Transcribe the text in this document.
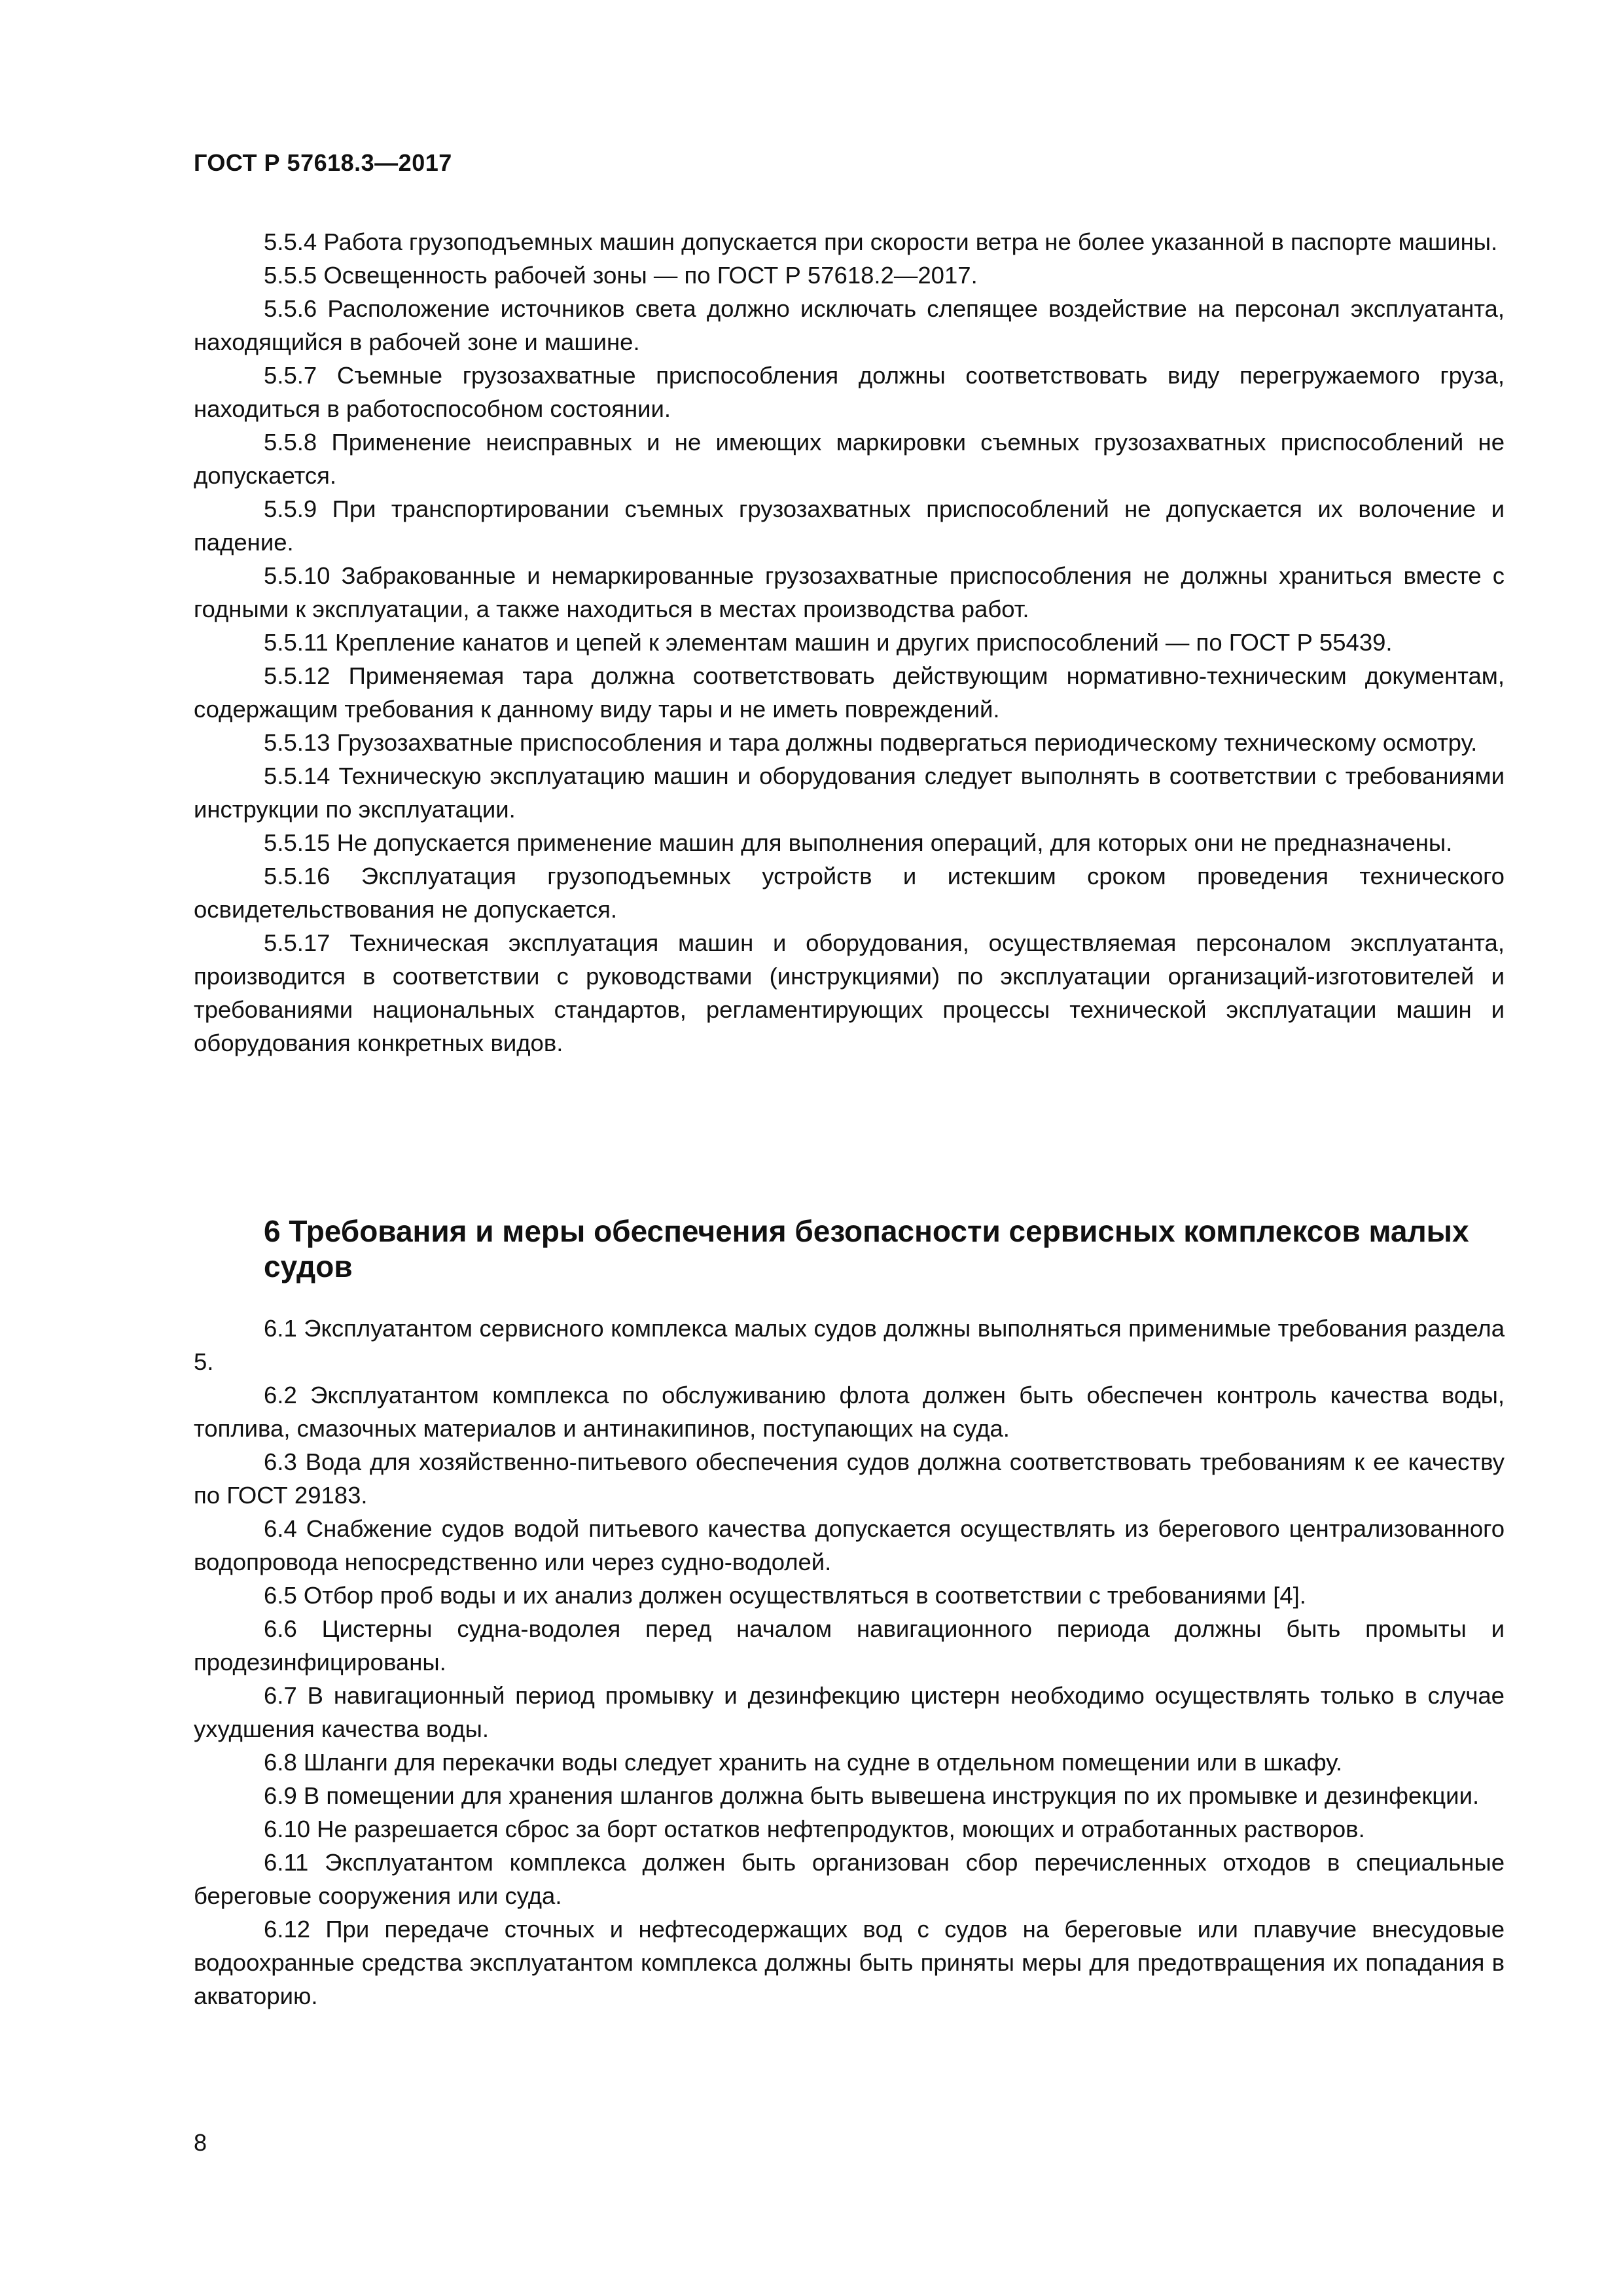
ГОСТ Р 57618.3—2017

5.5.4 Работа грузоподъемных машин допускается при скорости ветра не более указанной в паспорте машины.

5.5.5 Освещенность рабочей зоны — по ГОСТ Р 57618.2—2017.

5.5.6 Расположение источников света должно исключать слепящее воздействие на персонал эксплуатанта, находящийся в рабочей зоне и машине.

5.5.7 Съемные грузозахватные приспособления должны соответствовать виду перегружаемого груза, находиться в работоспособном состоянии.

5.5.8 Применение неисправных и не имеющих маркировки съемных грузозахватных приспособлений не допускается.

5.5.9 При транспортировании съемных грузозахватных приспособлений не допускается их волочение и падение.

5.5.10 Забракованные и немаркированные грузозахватные приспособления не должны храниться вместе с годными к эксплуатации, а также находиться в местах производства работ.

5.5.11 Крепление канатов и цепей к элементам машин и других приспособлений — по ГОСТ Р 55439.

5.5.12 Применяемая тара должна соответствовать действующим нормативно-техническим документам, содержащим требования к данному виду тары и не иметь повреждений.

5.5.13 Грузозахватные приспособления и тара должны подвергаться периодическому техническому осмотру.

5.5.14 Техническую эксплуатацию машин и оборудования следует выполнять в соответствии с требованиями инструкции по эксплуатации.

5.5.15 Не допускается применение машин для выполнения операций, для которых они не предназначены.

5.5.16 Эксплуатация грузоподъемных устройств и истекшим сроком проведения технического освидетельствования не допускается.

5.5.17 Техническая эксплуатация машин и оборудования, осуществляемая персоналом эксплуатанта, производится в соответствии с руководствами (инструкциями) по эксплуатации организаций-изготовителей и требованиями национальных стандартов, регламентирующих процессы технической эксплуатации машин и оборудования конкретных видов.

6 Требования и меры обеспечения безопасности сервисных комплексов малых судов

6.1 Эксплуатантом сервисного комплекса малых судов должны выполняться применимые требования раздела 5.

6.2 Эксплуатантом комплекса по обслуживанию флота должен быть обеспечен контроль качества воды, топлива, смазочных материалов и антинакипинов, поступающих на суда.

6.3 Вода для хозяйственно-питьевого обеспечения судов должна соответствовать требованиям к ее качеству по ГОСТ 29183.

6.4 Снабжение судов водой питьевого качества допускается осуществлять из берегового централизованного водопровода непосредственно или через судно-водолей.

6.5 Отбор проб воды и их анализ должен осуществляться в соответствии с требованиями [4].

6.6 Цистерны судна-водолея перед началом навигационного периода должны быть промыты и продезинфицированы.

6.7 В навигационный период промывку и дезинфекцию цистерн необходимо осуществлять только в случае ухудшения качества воды.

6.8 Шланги для перекачки воды следует хранить на судне в отдельном помещении или в шкафу.

6.9 В помещении для хранения шлангов должна быть вывешена инструкция по их промывке и дезинфекции.

6.10 Не разрешается сброс за борт остатков нефтепродуктов, моющих и отработанных растворов.

6.11 Эксплуатантом комплекса должен быть организован сбор перечисленных отходов в специальные береговые сооружения или суда.

6.12 При передаче сточных и нефтесодержащих вод с судов на береговые или плавучие внесудовые водоохранные средства эксплуатантом комплекса должны быть приняты меры для предотвращения их попадания в акваторию.

8
